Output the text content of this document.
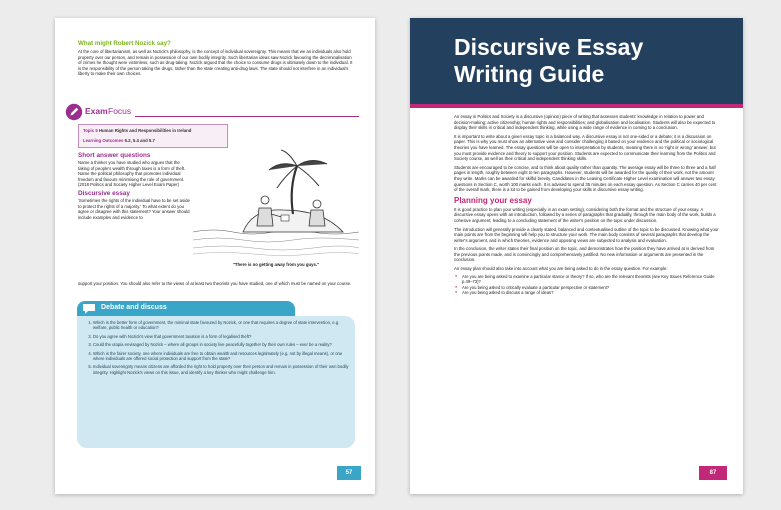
What might Robert Nozick say?

At the core of libertarianism, as well as Nozick's philosophy, is the concept of individual sovereignty. This means that we as individuals also hold property over our person, and remain in possession of our own bodily integrity. Such libertarian ideas saw Nozick favouring the decriminalisation of crimes he thought were victimless, such as drug-taking. Nozick argued that the choice to consume drugs is ultimately down to the individual. It is the responsibility of the person taking the drugs, rather than the state creating anti-drug laws. The state should not interfere in an individual's liberty to make their own choices.

Exam Focus
Topic 5 Human Rights and Responsibilities in Ireland
Learning Outcomes 5.2, 5.4 and 5.7
Short answer questions

Name a thinker you have studied who argues that the taking of people's wealth through taxes is a form of theft. Name the political philosophy that promotes individual freedom and favours minimising the role of government. (2018 Politics and Society Higher Level Exam Paper)

Discursive essay

'Sometimes the rights of the individual have to be set aside to protect the rights of a majority.' To what extent do you agree or disagree with this statement? Your answer should include examples and evidence to

support your position. You should also refer to the views of at least two theorists you have studied, one of which must be named on your course.

"There is no getting away from you guys."
Debate and discuss
1. Which is the better form of government, the minimal state favoured by Nozick, or one that requires a degree of state intervention, e.g. welfare, public health or education?
2. Do you agree with Nozick's view that government taxation is a form of legalised theft?
3. Could the utopia envisaged by Nozick – where all groups in society live peacefully together by their own rules – ever be a reality?
4. Which is the fairer society, one where individuals are free to obtain wealth and resources legitimately (e.g. not by illegal means), or one where individuals are offered social protection and support from the state?
5. Individual sovereignty means citizens are afforded the right to hold property over their person and remain in possession of their own bodily integrity. Highlight Nozick's views on this issue, and identify a key thinker who might challenge him.
57
Discursive Essay
Writing Guide

An essay in Politics and Society is a discursive (opinion) piece of writing that assesses students' knowledge in relation to power and decision-making; active citizenship; human rights and responsibilities; and globalisation and localisation. Students will also be expected to display their skills in critical and independent thinking, while using a wide range of evidence in coming to a conclusion.

It is important to write about a given essay topic in a balanced way. A discursive essay is not one-sided or a debate; it is a discussion on paper. This is why you must show an alternative view and consider challenging it based on your evidence and the political or sociological theories you have learned. The essay questions will be open to interpretation by students, meaning there is no 'right or wrong' answer, but you must provide evidence and theory to support your position. Students are expected to communicate their learning from the Politics and Society course, as well as their critical and independent thinking skills.

Students are encouraged to be concise, and to think about quality rather than quantity. The average essay will be three to three and a half pages in length, roughly between eight to ten paragraphs. However, students will be awarded for the quality of their work, not the amount they write. Marks can be awarded for skilful brevity. Candidates in the Leaving Certificate Higher Level examination will answer two essay questions in Section C, worth 100 marks each. It is advised to spend 35 minutes on each essay question. As Section C carries 40 per cent of the overall mark, there is a lot to be gained from developing your skills in discursive essay writing.

Planning your essay

It is good practice to plan your writing (especially in an exam setting), considering both the format and the structure of your essay. A discursive essay opens with an introduction, followed by a series of paragraphs that gradually, through the main body of the work, builds a cohesive argument, leading to a concluding statement of the writer's position on the topic under discussion.

The introduction will generally provide a clearly stated, balanced and contextualised outline of the topic to be discussed. Knowing what your main points are from the beginning will help you to structure your work. The main body consists of several paragraphs that develop the writer's argument, and in which theories, evidence and opposing views are subjected to analysis and evaluation.

In the conclusion, the writer states their final position on the topic, and demonstrates how the position they have arrived at is derived from the previous points made, and is convincingly and comprehensively justified. No new information or arguments are presented in the conclusion.

An essay plan should also take into account what you are being asked to do in the essay question. For example:

● Are you are being asked to examine a particular stance or theory? If so, who are the relevant theorists (see Key Issues Reference Guide p.49–73)?
● Are you being asked to critically evaluate a particular perspective or statement?
● Are you being asked to discuss a range of ideas?
87
